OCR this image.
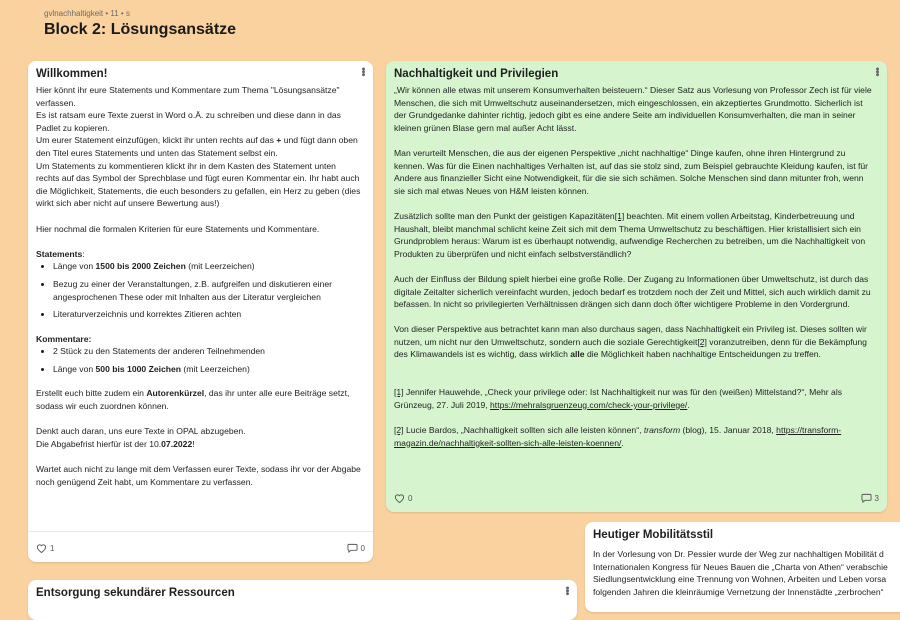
gvlnachhaltigkeit • 11 • s
Block 2: Lösungsansätze
Willkommen!	•••

Hier könnt ihr eure Statements und Kommentare zum Thema "Lösungsansätze" verfassen.

Es ist ratsam eure Texte zuerst in Word o.Ä. zu schreiben und diese dann in das Padlet zu kopieren.

Um eurer Statement einzufügen, klickt ihr unten rechts auf das + und fügt dann oben den Titel eures Statements und unten das Statement selbst ein.

Um Statements zu kommentieren klickt ihr in dem Kasten des Statement unten rechts auf das Symbol der Sprechblase und fügt euren Kommentar ein. Ihr habt auch die Möglichkeit, Statements, die euch besonders zu gefallen, ein Herz zu geben (dies wirkt sich aber nicht auf unsere Bewertung aus!)

Hier nochmal die formalen Kriterien für eure Statements und Kommentare.

Statements:

• Länge von 1500 bis 2000 Zeichen (mit Leerzeichen)
• Bezug zu einer der Veranstaltungen, z.B. aufgreifen und diskutieren einer angesprochenen These oder mit Inhalten aus der Literatur vergleichen
• Literaturverzeichnis und korrektes Zitieren achten

Kommentare:

• 2 Stück zu den Statements der anderen Teilnehmenden
• Länge von 500 bis 1000 Zeichen (mit Leerzeichen)

Erstellt euch bitte zudem ein Autorenkürzel, das ihr unter alle eure Beiträge setzt, sodass wir euch zuordnen können.

Denkt auch daran, uns eure Texte in OPAL abzugeben.

Die Abgabefrist hierfür ist der 10.07.2022!

Wartet auch nicht zu lange mit dem Verfassen eurer Texte, sodass ihr vor der Abgabe noch genügend Zeit habt, um Kommentare zu verfassen.

1	0
Nachhaltigkeit und Privilegien	•••

„Wir können alle etwas mit unserem Konsumverhalten beisteuern.“ Dieser Satz aus Vorlesung von Professor Zech ist für viele Menschen, die sich mit Umweltschutz auseinandersetzen, mich eingeschlossen, ein akzeptiertes Grundmotto. Sicherlich ist der Grundgedanke dahinter richtig, jedoch gibt es eine andere Seite am individuellen Konsumverhalten, die man in seiner kleinen grünen Blase gern mal außer Acht lässt.

Man verurteilt Menschen, die aus der eigenen Perspektive „nicht nachhaltige“ Dinge kaufen, ohne ihren Hintergrund zu kennen. Was für die Einen nachhaltiges Verhalten ist, auf das sie stolz sind, zum Beispiel gebrauchte Kleidung kaufen, ist für Andere aus finanzieller Sicht eine Notwendigkeit, für die sie sich schämen. Solche Menschen sind dann mitunter froh, wenn sie sich mal etwas Neues von H&M leisten können.

Zusätzlich sollte man den Punkt der geistigen Kapazitäten[1] beachten. Mit einem vollen Arbeitstag, Kinderbetreuung und Haushalt, bleibt manchmal schlicht keine Zeit sich mit dem Thema Umweltschutz zu beschäftigen. Hier kristallisiert sich ein Grundproblem heraus: Warum ist es überhaupt notwendig, aufwendige Recherchen zu betreiben, um die Nachhaltigkeit von Produkten zu überprüfen und nicht einfach selbstverständlich?

Auch der Einfluss der Bildung spielt hierbei eine große Rolle. Der Zugang zu Informationen über Umweltschutz, ist durch das digitale Zeitalter sicherlich vereinfacht wurden, jedoch bedarf es trotzdem noch der Zeit und Mittel, sich auch wirklich damit zu befassen. In nicht so privilegierten Verhältnissen drängen sich dann doch öfter wichtigere Probleme in den Vordergrund.

Von dieser Perspektive aus betrachtet kann man also durchaus sagen, dass Nachhaltigkeit ein Privileg ist. Dieses sollten wir nutzen, um nicht nur den Umweltschutz, sondern auch die soziale Gerechtigkeit[2] voranzutreiben, denn für die Bekämpfung des Klimawandels ist es wichtig, dass wirklich alle die Möglichkeit haben nachhaltige Entscheidungen zu treffen.

[1] Jennifer Hauwehde, „Check your privilege oder: Ist Nachhaltigkeit nur was für den (weißen) Mittelstand?“, Mehr als Grünzeug, 27. Juli 2019, https://mehralsgruenzeug.com/check-your-privilege/.

[2] Lucie Bardos, „Nachhaltigkeit sollten sich alle leisten können“, transform (blog), 15. Januar 2018, https://transform-magazin.de/nachhaltigkeit-sollten-sich-alle-leisten-koennen/.

0	3
Heutiger Mobilitätsstil

In der Vorlesung von Dr. Pessier wurde der Weg zur nachhaltigen Mobilität d Internationalen Kongress für Neues Bauen die „Charta von Athen“ verabschie Siedlungsentwicklung eine Trennung von Wohnen, Arbeiten und Leben vorsa folgenden Jahren die kleinräumige Vernetzung der Innenstädte „zerbrochen“

Entsorgung sekundärer Ressourcen	•••
